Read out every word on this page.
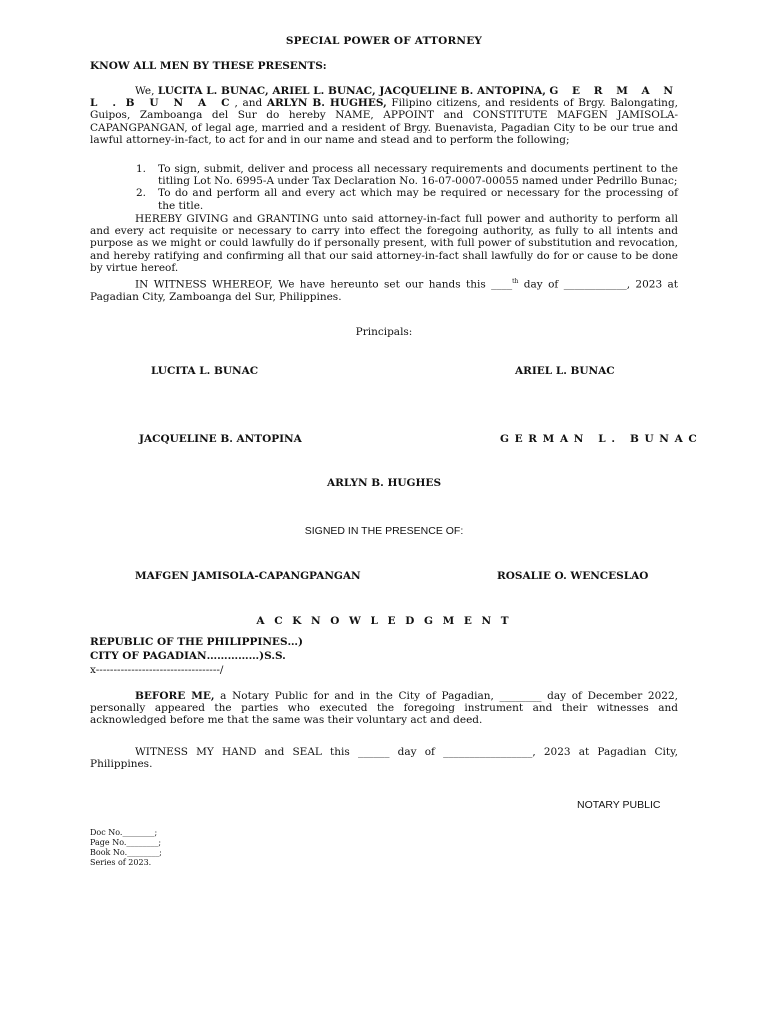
SPECIAL POWER OF ATTORNEY
KNOW ALL MEN BY THESE PRESENTS:

We, LUCITA L. BUNAC, ARIEL L. BUNAC, JACQUELINE B. ANTOPINA, G E R M A N L . B U N A C, and ARLYN B. HUGHES, Filipino citizens, and residents of Brgy. Balongating, Guipos, Zamboanga del Sur do hereby NAME, APPOINT and CONSTITUTE MAFGEN JAMISOLA-CAPANGPANGAN, of legal age, married and a resident of Brgy. Buenavista, Pagadian City to be our true and lawful attorney-in-fact, to act for and in our name and stead and to perform the following;

1. To sign, submit, deliver and process all necessary requirements and documents pertinent to the titling Lot No. 6995-A under Tax Declaration No. 16-07-0007-00055 named under Pedrillo Bunac;
2. To do and perform all and every act which may be required or necessary for the processing of the title.

HEREBY GIVING and GRANTING unto said attorney-in-fact full power and authority to perform all and every act requisite or necessary to carry into effect the foregoing authority, as fully to all intents and purpose as we might or could lawfully do if personally present, with full power of substitution and revocation, and hereby ratifying and confirming all that our said attorney-in-fact shall lawfully do for or cause to be done by virtue hereof.

IN WITNESS WHEREOF, We have hereunto set our hands this ____$^{th}$ day of ____________, 2023 at Pagadian City, Zamboanga del Sur, Philippines.

Principals:
LUCITA L. BUNAC	ARIEL L. BUNAC
JACQUELINE B. ANTOPINA	G E R M A N   L .   B U N A C
ARLYN B. HUGHES
SIGNED IN THE PRESENCE OF:
MAFGEN JAMISOLA-CAPANGPANGAN	ROSALIE O. WENCESLAO
A C K N O W L E D G M E N T
REPUBLIC OF THE PHILIPPINES…)
CITY OF PAGADIAN……………)S.S.
x-----------------------------------/

BEFORE ME, a Notary Public for and in the City of Pagadian, ________ day of December 2022, personally appeared the parties who executed the foregoing instrument and their witnesses and acknowledged before me that the same was their voluntary act and deed.

WITNESS MY HAND and SEAL this ______ day of _________________, 2023 at Pagadian City, Philippines.

NOTARY PUBLIC
Doc No.________;
Page No.________;
Book No.________;
Series of 2023.
